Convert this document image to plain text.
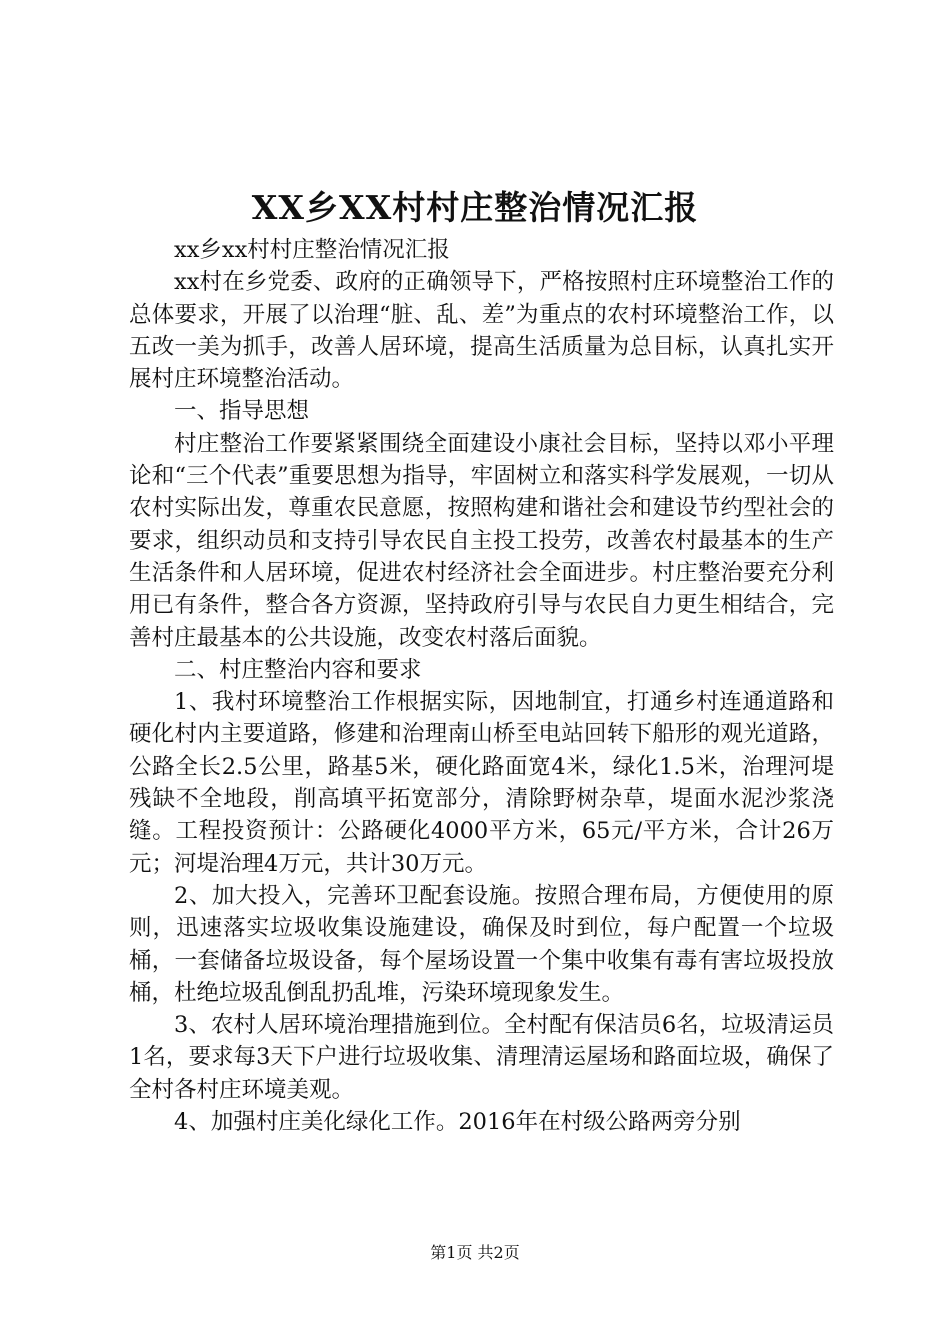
XX乡XX村村庄整治情况汇报

xx乡xx村村庄整治情况汇报

xx村在乡党委、政府的正确领导下，严格按照村庄环境整治工作的总体要求，开展了以治理“脏、乱、差”为重点的农村环境整治工作，以五改一美为抓手，改善人居环境，提高生活质量为总目标，认真扎实开展村庄环境整治活动。

一、指导思想

村庄整治工作要紧紧围绕全面建设小康社会目标，坚持以邓小平理论和“三个代表”重要思想为指导，牢固树立和落实科学发展观，一切从农村实际出发，尊重农民意愿，按照构建和谐社会和建设节约型社会的要求，组织动员和支持引导农民自主投工投劳，改善农村最基本的生产生活条件和人居环境，促进农村经济社会全面进步。村庄整治要充分利用已有条件，整合各方资源，坚持政府引导与农民自力更生相结合，完善村庄最基本的公共设施，改变农村落后面貌。

二、村庄整治内容和要求

1、我村环境整治工作根据实际，因地制宜，打通乡村连通道路和硬化村内主要道路，修建和治理南山桥至电站回转下船形的观光道路，公路全长2.5公里，路基5米，硬化路面宽4米，绿化1.5米，治理河堤残缺不全地段，削高填平拓宽部分，清除野树杂草，堤面水泥沙浆浇缝。工程投资预计：公路硬化4000平方米，65元/平方米，合计26万元；河堤治理4万元，共计30万元。

2、加大投入，完善环卫配套设施。按照合理布局，方便使用的原则，迅速落实垃圾收集设施建设，确保及时到位，每户配置一个垃圾桶，一套储备垃圾设备，每个屋场设置一个集中收集有毒有害垃圾投放桶，杜绝垃圾乱倒乱扔乱堆，污染环境现象发生。

3、农村人居环境治理措施到位。全村配有保洁员6名，垃圾清运员1名，要求每3天下户进行垃圾收集、清理清运屋场和路面垃圾，确保了全村各村庄环境美观。

4、加强村庄美化绿化工作。2016年在村级公路两旁分别

第1页 共2页
